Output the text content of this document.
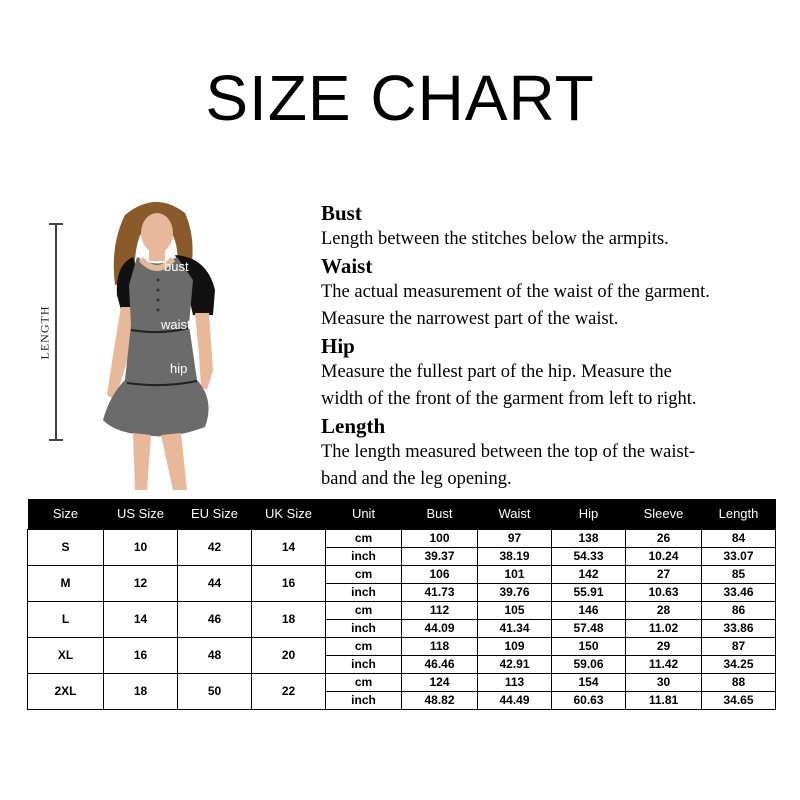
SIZE CHART
LENGTH
bust
waist
hip
Bust

Length between the stitches below the armpits.

Waist

The actual measurement of the waist of the garment.

Measure the narrowest part of the waist.

Hip

Measure the fullest part of the hip. Measure the

width of the front of the garment from left to right.

Length

The length measured between the top of the waist-

band and the leg opening.

Size	US Size	EU Size	UK Size	Unit	Bust	Waist	Hip	Sleeve	Length
S	10	42	14	cm	100	97	138	26	84
				inch	39.37	38.19	54.33	10.24	33.07
M	12	44	16	cm	106	101	142	27	85
				inch	41.73	39.76	55.91	10.63	33.46
L	14	46	18	cm	112	105	146	28	86
				inch	44.09	41.34	57.48	11.02	33.86
XL	16	48	20	cm	118	109	150	29	87
				inch	46.46	42.91	59.06	11.42	34.25
2XL	18	50	22	cm	124	113	154	30	88
				inch	48.82	44.49	60.63	11.81	34.65
